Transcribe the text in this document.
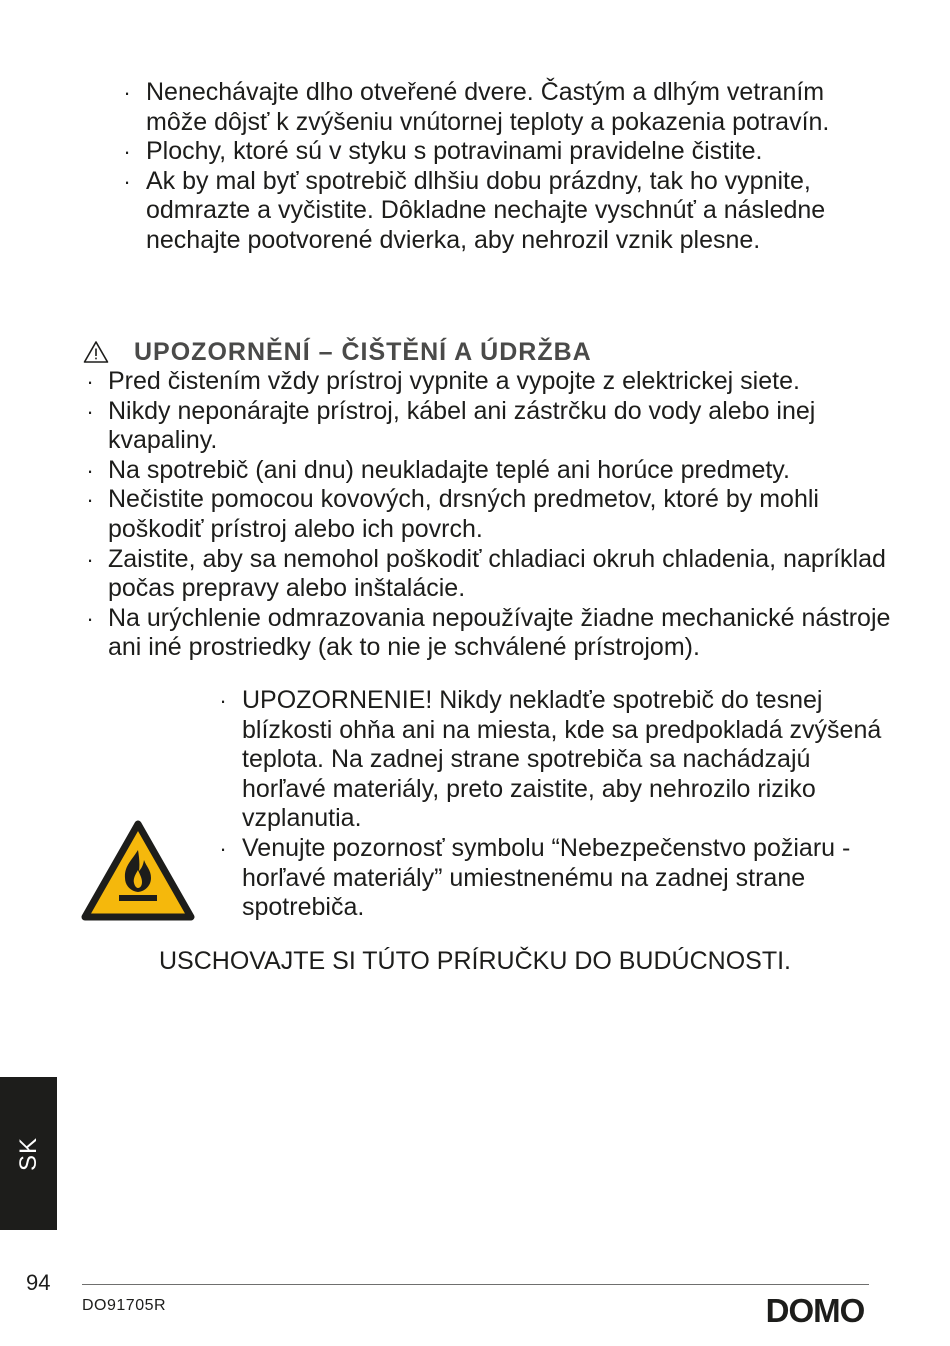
· Nenechávajte dlho otveřené dvere. Častým a dlhým vetraním môže dôjsť k zvýšeniu vnútornej teploty a pokazenia potravín.
· Plochy, ktoré sú v styku s potravinami pravidelne čistite.
· Ak by mal byť spotrebič dlhšiu dobu prázdny, tak ho vypnite, odmrazte a vyčistite. Dôkladne nechajte vyschnúť a následne nechajte pootvorené dvierka, aby nehrozil vznik plesne.
UPOZORNĚNÍ – ČIŠTĚNÍ A ÚDRŽBA
· Pred čistením vždy prístroj vypnite a vypojte z elektrickej siete.
· Nikdy neponárajte prístroj, kábel ani zástrčku do vody alebo inej kvapaliny.
· Na spotrebič (ani dnu) neukladajte teplé ani horúce predmety.
· Nečistite pomocou kovových, drsných predmetov, ktoré by mohli poškodiť prístroj alebo ich povrch.
· Zaistite, aby sa nemohol poškodiť chladiaci okruh chladenia, napríklad počas prepravy alebo inštalácie.
· Na urýchlenie odmrazovania nepoužívajte žiadne mechanické nástroje ani iné prostriedky (ak to nie je schválené prístrojom).
· UPOZORNENIE! Nikdy nekladťe spotrebič do tesnej blízkosti ohňa ani na miesta, kde sa predpokladá zvýšená teplota. Na zadnej strane spotrebiča sa nachádzajú horľavé materiály, preto zaistite, aby nehrozilo riziko vzplanutia.
· Venujte pozornosť symbolu “Nebezpečenstvo požiaru - horľavé materiály” umiestnenému na zadnej strane spotrebiča.
USCHOVAJTE SI TÚTO PRÍRUČKU DO BUDÚCNOSTI.
SK
94
DO91705R	DOMO
